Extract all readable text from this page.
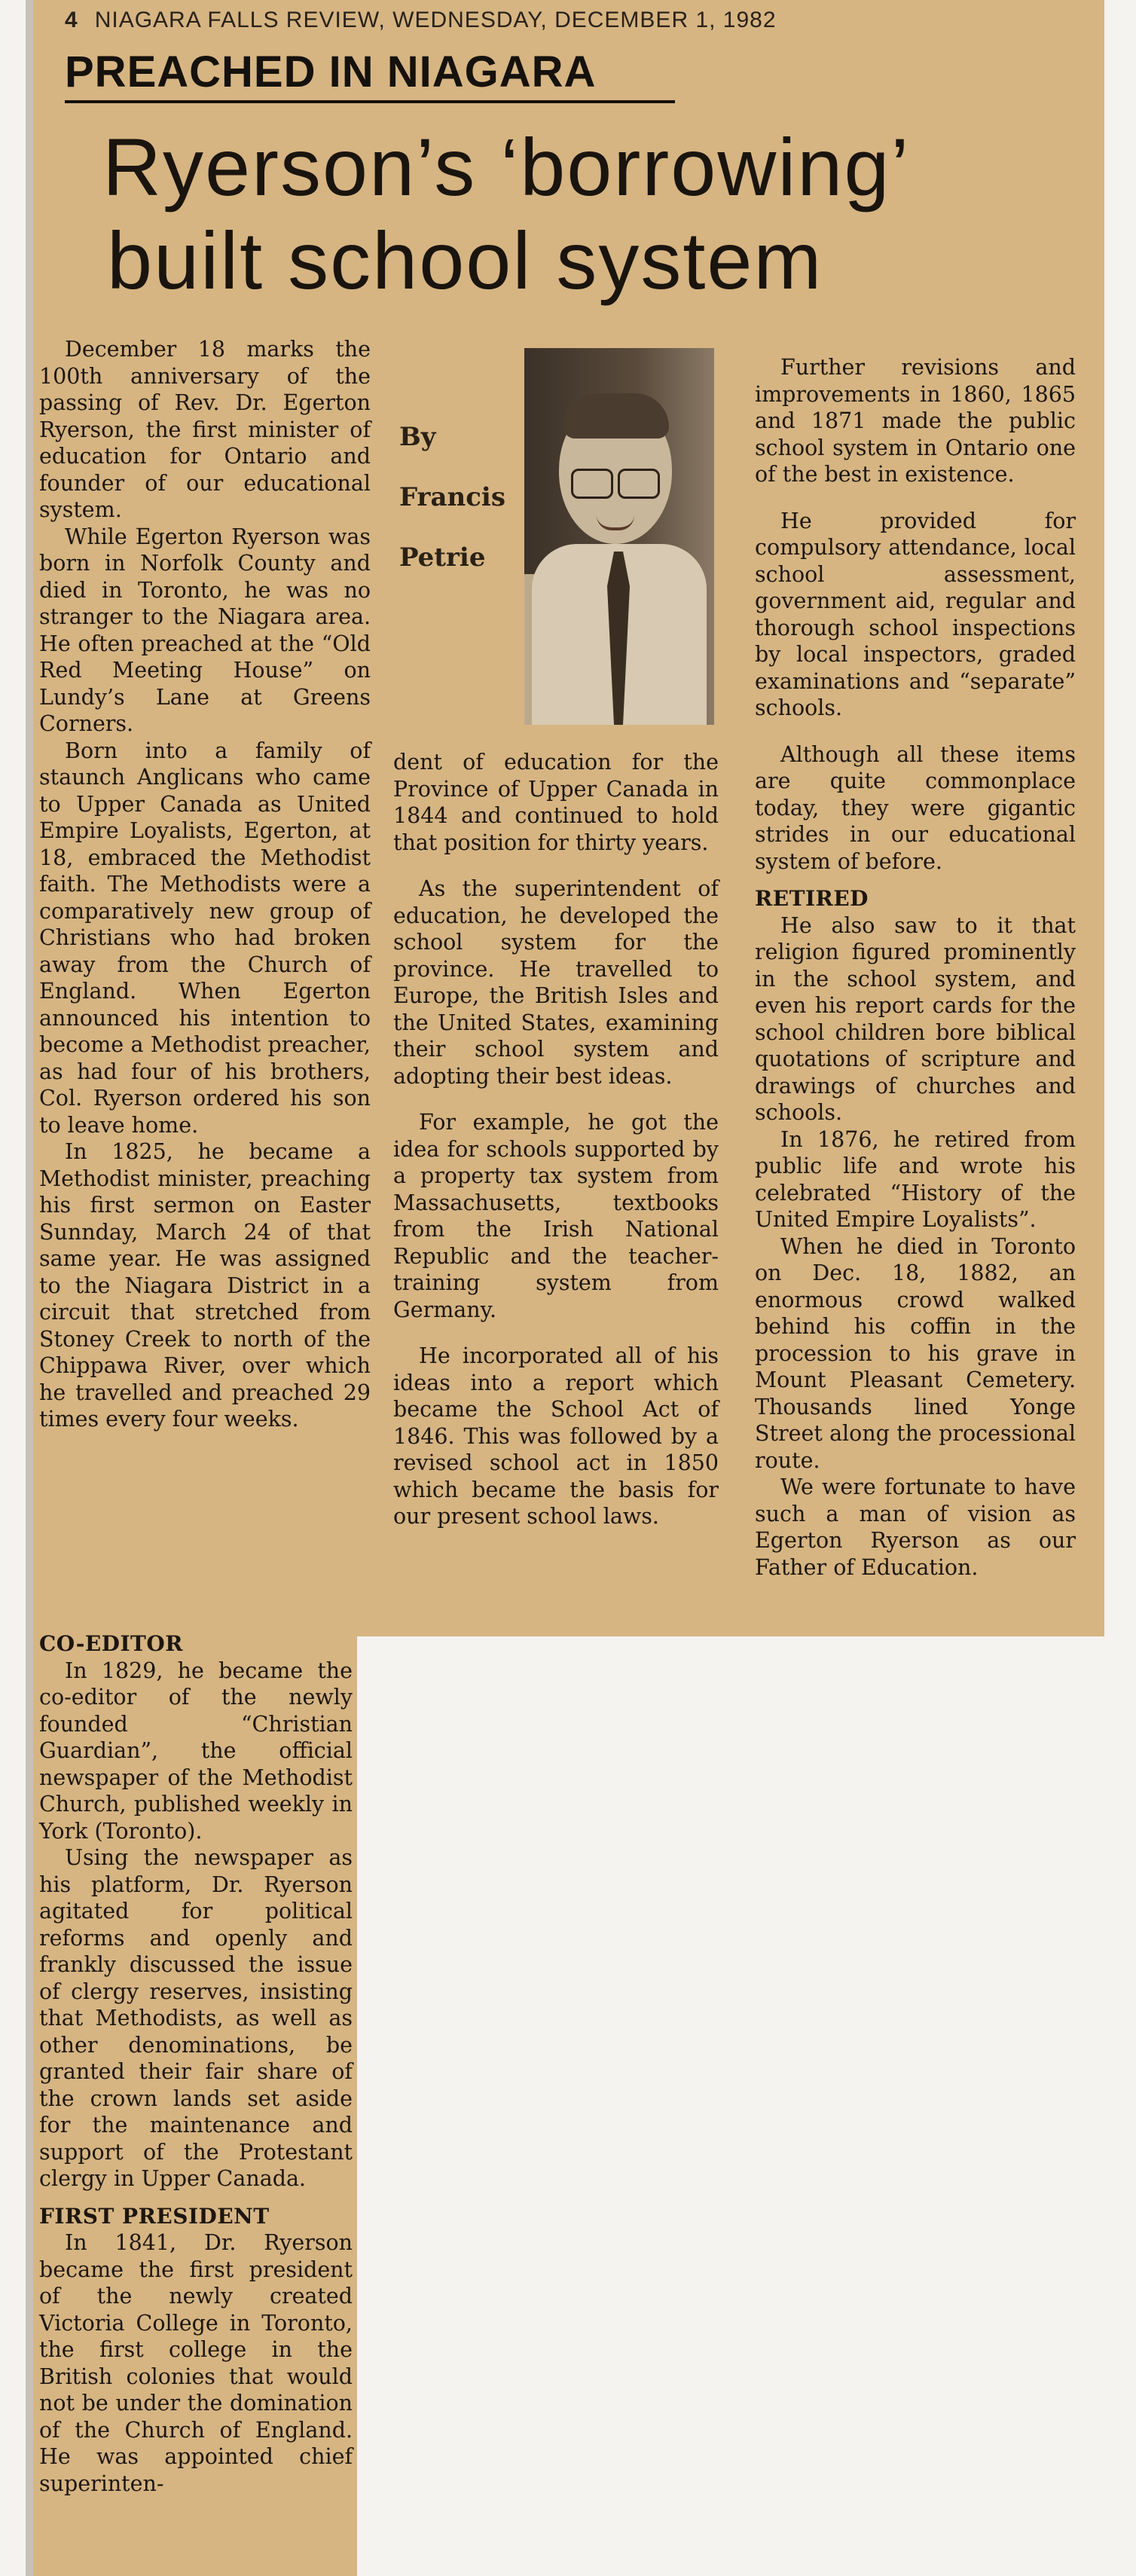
4 NIAGARA FALLS REVIEW, WEDNESDAY, DECEMBER 1, 1982
PREACHED IN NIAGARA
Ryerson’s ‘borrowing’
built school system

December 18 marks the 100th anniversary of the passing of Rev. Dr. Egerton Ryerson, the first minister of education for Ontario and founder of our educational system.

While Egerton Ryerson was born in Norfolk County and died in Toronto, he was no stranger to the Niagara area. He often preached at the “Old Red Meeting House” on Lundy’s Lane at Greens Corners.

Born into a family of staunch Anglicans who came to Upper Canada as United Empire Loyalists, Egerton, at 18, embraced the Methodist faith. The Methodists were a comparatively new group of Christians who had broken away from the Church of England. When Egerton announced his intention to become a Methodist preacher, as had four of his brothers, Col. Ryerson ordered his son to leave home.

In 1825, he became a Methodist minister, preaching his first sermon on Easter Sunnday, March 24 of that same year. He was assigned to the Niagara District in a circuit that stretched from Stoney Creek to north of the Chippawa River, over which he travelled and preached 29 times every four weeks.

CO-EDITOR

In 1829, he became the co-editor of the newly founded “Christian Guardian”, the official newspaper of the Methodist Church, published weekly in York (Toronto).

Using the newspaper as his platform, Dr. Ryerson agitated for political reforms and openly and frankly discussed the issue of clergy reserves, insisting that Methodists, as well as other denominations, be granted their fair share of the crown lands set aside for the maintenance and support of the Protestant clergy in Upper Canada.

FIRST PRESIDENT

In 1841, Dr. Ryerson became the first president of the newly created Victoria College in Toronto, the first college in the British colonies that would not be under the domination of the Church of England. He was appointed chief superinten-

By
Francis
Petrie

dent of education for the Province of Upper Canada in 1844 and continued to hold that position for thirty years.

As the superintendent of education, he developed the school system for the province. He travelled to Europe, the British Isles and the United States, examining their school system and adopting their best ideas.

For example, he got the idea for schools supported by a property tax system from Massachusetts, textbooks from the Irish National Republic and the teacher-training system from Germany.

He incorporated all of his ideas into a report which became the School Act of 1846. This was followed by a revised school act in 1850 which became the basis for our present school laws.

Further revisions and improvements in 1860, 1865 and 1871 made the public school system in Ontario one of the best in existence.

He provided for compulsory attendance, local school assessment, government aid, regular and thorough school inspections by local inspectors, graded examinations and “separate” schools.

Although all these items are quite commonplace today, they were gigantic strides in our educational system of before.

RETIRED

He also saw to it that religion figured prominently in the school system, and even his report cards for the school children bore biblical quotations of scripture and drawings of churches and schools.

In 1876, he retired from public life and wrote his celebrated “History of the United Empire Loyalists”.

When he died in Toronto on Dec. 18, 1882, an enormous crowd walked behind his coffin in the procession to his grave in Mount Pleasant Cemetery. Thousands lined Yonge Street along the processional route.

We were fortunate to have such a man of vision as Egerton Ryerson as our Father of Education.
